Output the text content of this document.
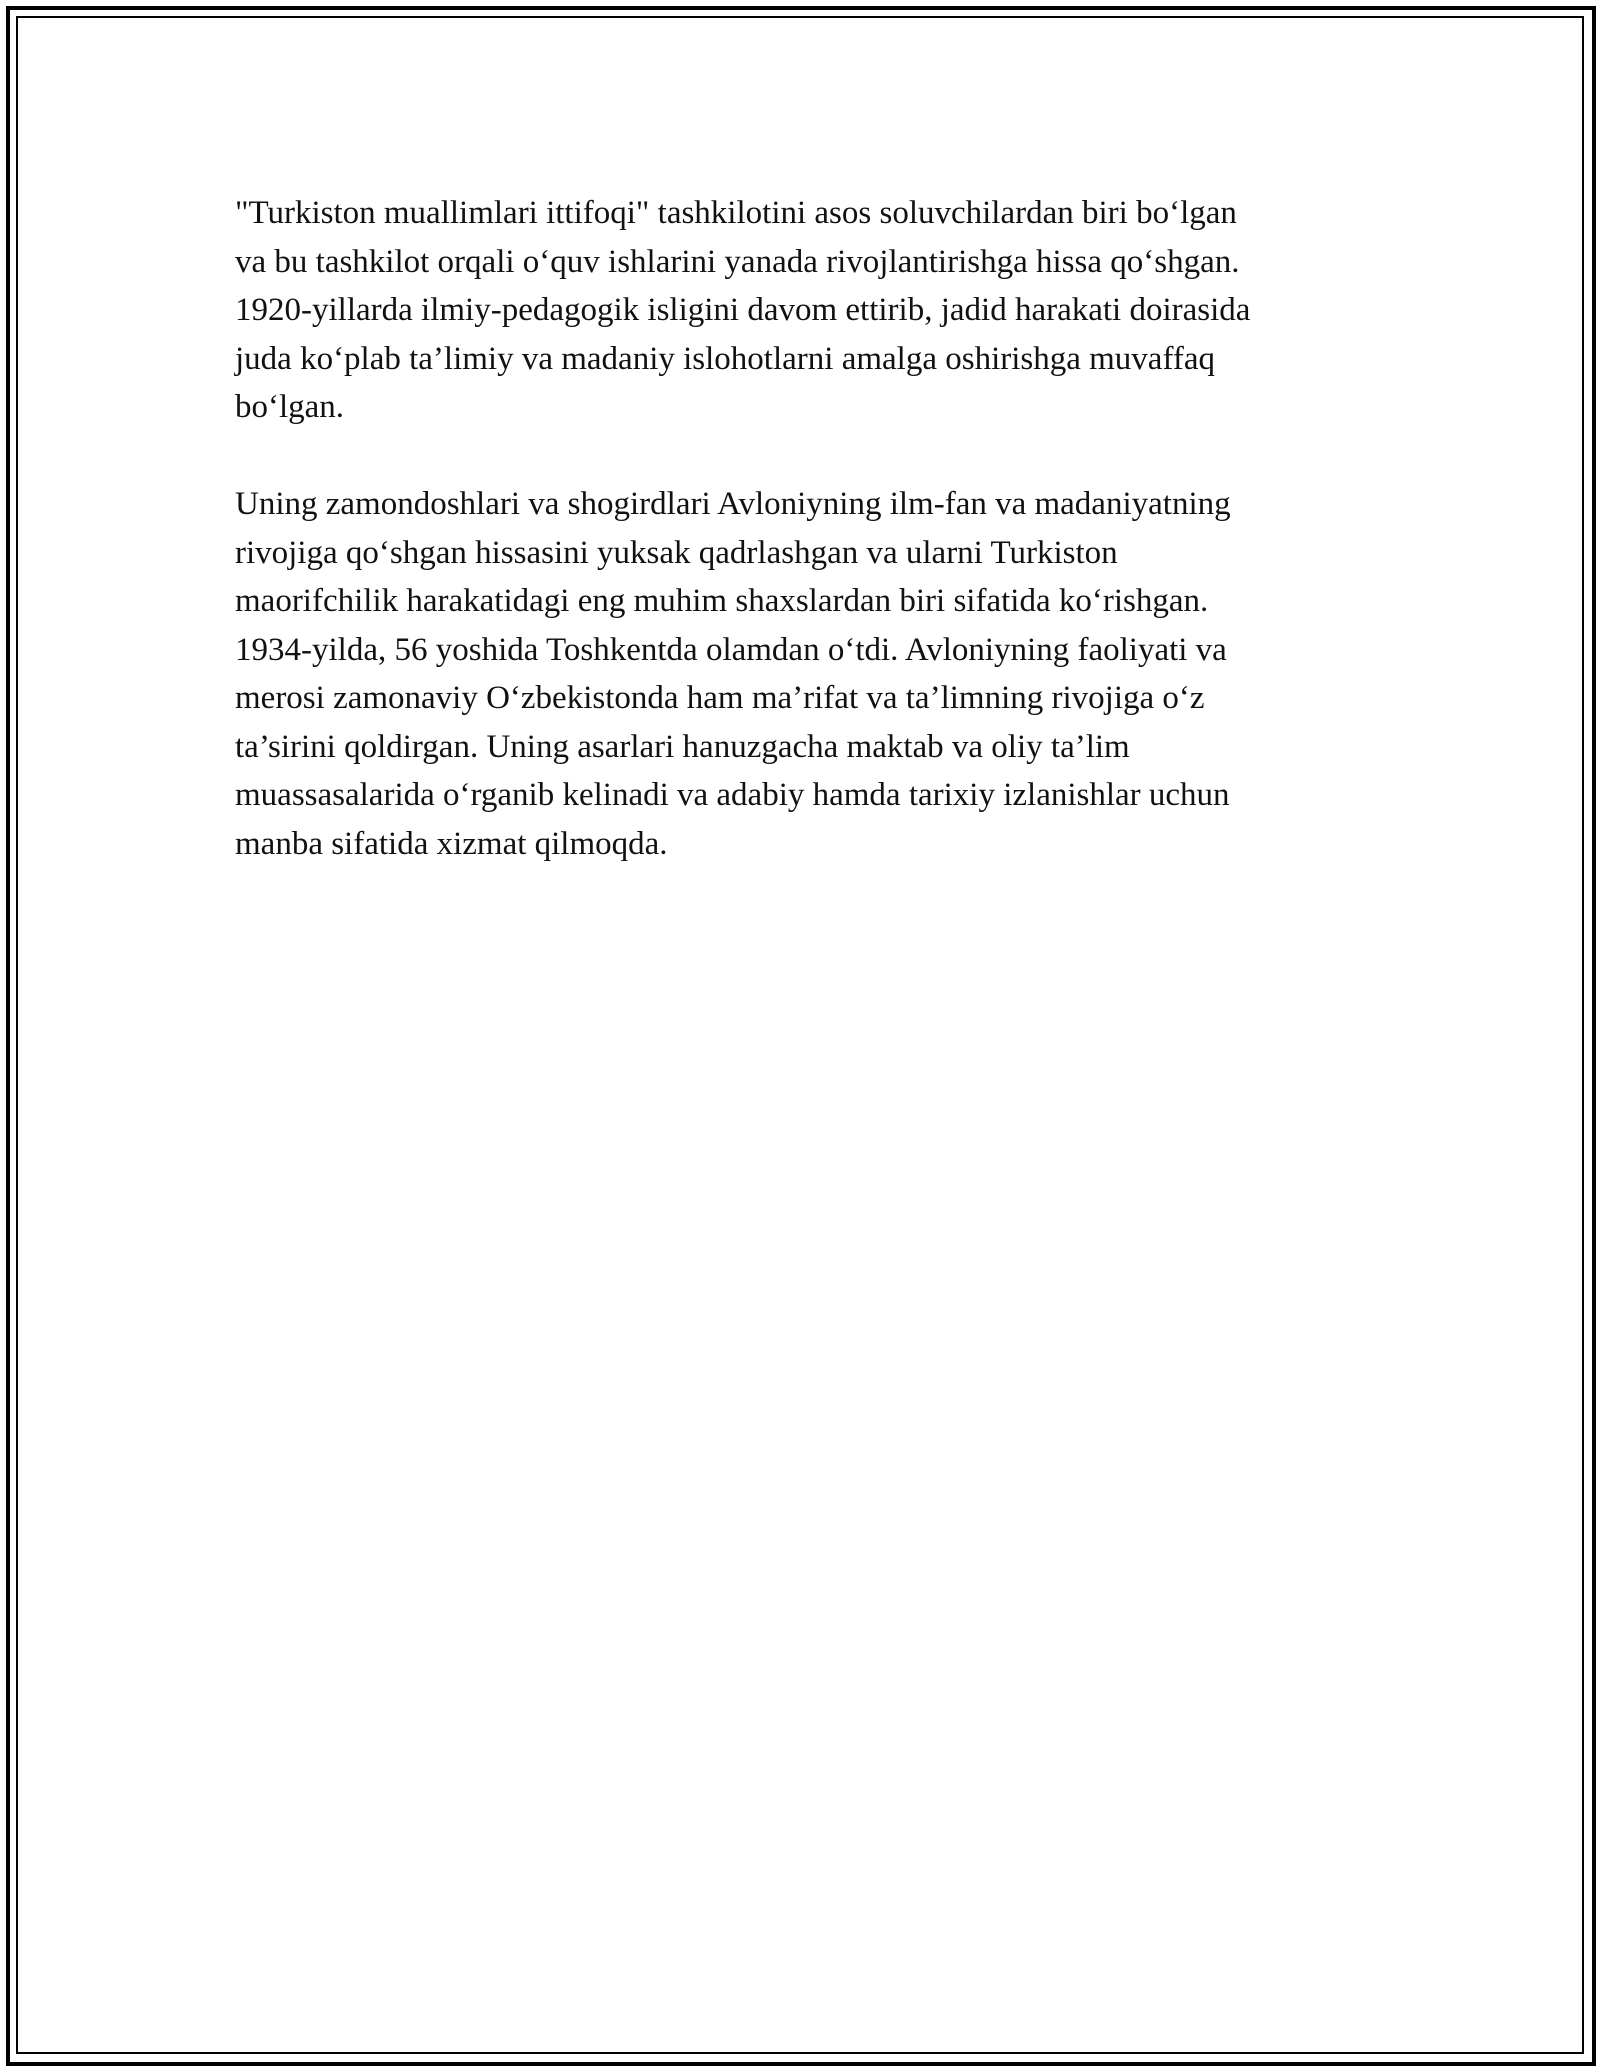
"Turkiston muallimlari ittifoqi" tashkilotini asos soluvchilardan biri bo‘lgan
va bu tashkilot orqali o‘quv ishlarini yanada rivojlantirishga hissa qo‘shgan.
1920-yillarda ilmiy-pedagogik isligini davom ettirib, jadid harakati doirasida
juda ko‘plab ta’limiy va madaniy islohotlarni amalga oshirishga muvaffaq
bo‘lgan.

Uning zamondoshlari va shogirdlari Avloniyning ilm-fan va madaniyatning
rivojiga qo‘shgan hissasini yuksak qadrlashgan va ularni Turkiston
maorifchilik harakatidagi eng muhim shaxslardan biri sifatida ko‘rishgan.
1934-yilda, 56 yoshida Toshkentda olamdan o‘tdi. Avloniyning faoliyati va
merosi zamonaviy O‘zbekistonda ham ma’rifat va ta’limning rivojiga o‘z
ta’sirini qoldirgan. Uning asarlari hanuzgacha maktab va oliy ta’lim
muassasalarida o‘rganib kelinadi va adabiy hamda tarixiy izlanishlar uchun
manba sifatida xizmat qilmoqda.
